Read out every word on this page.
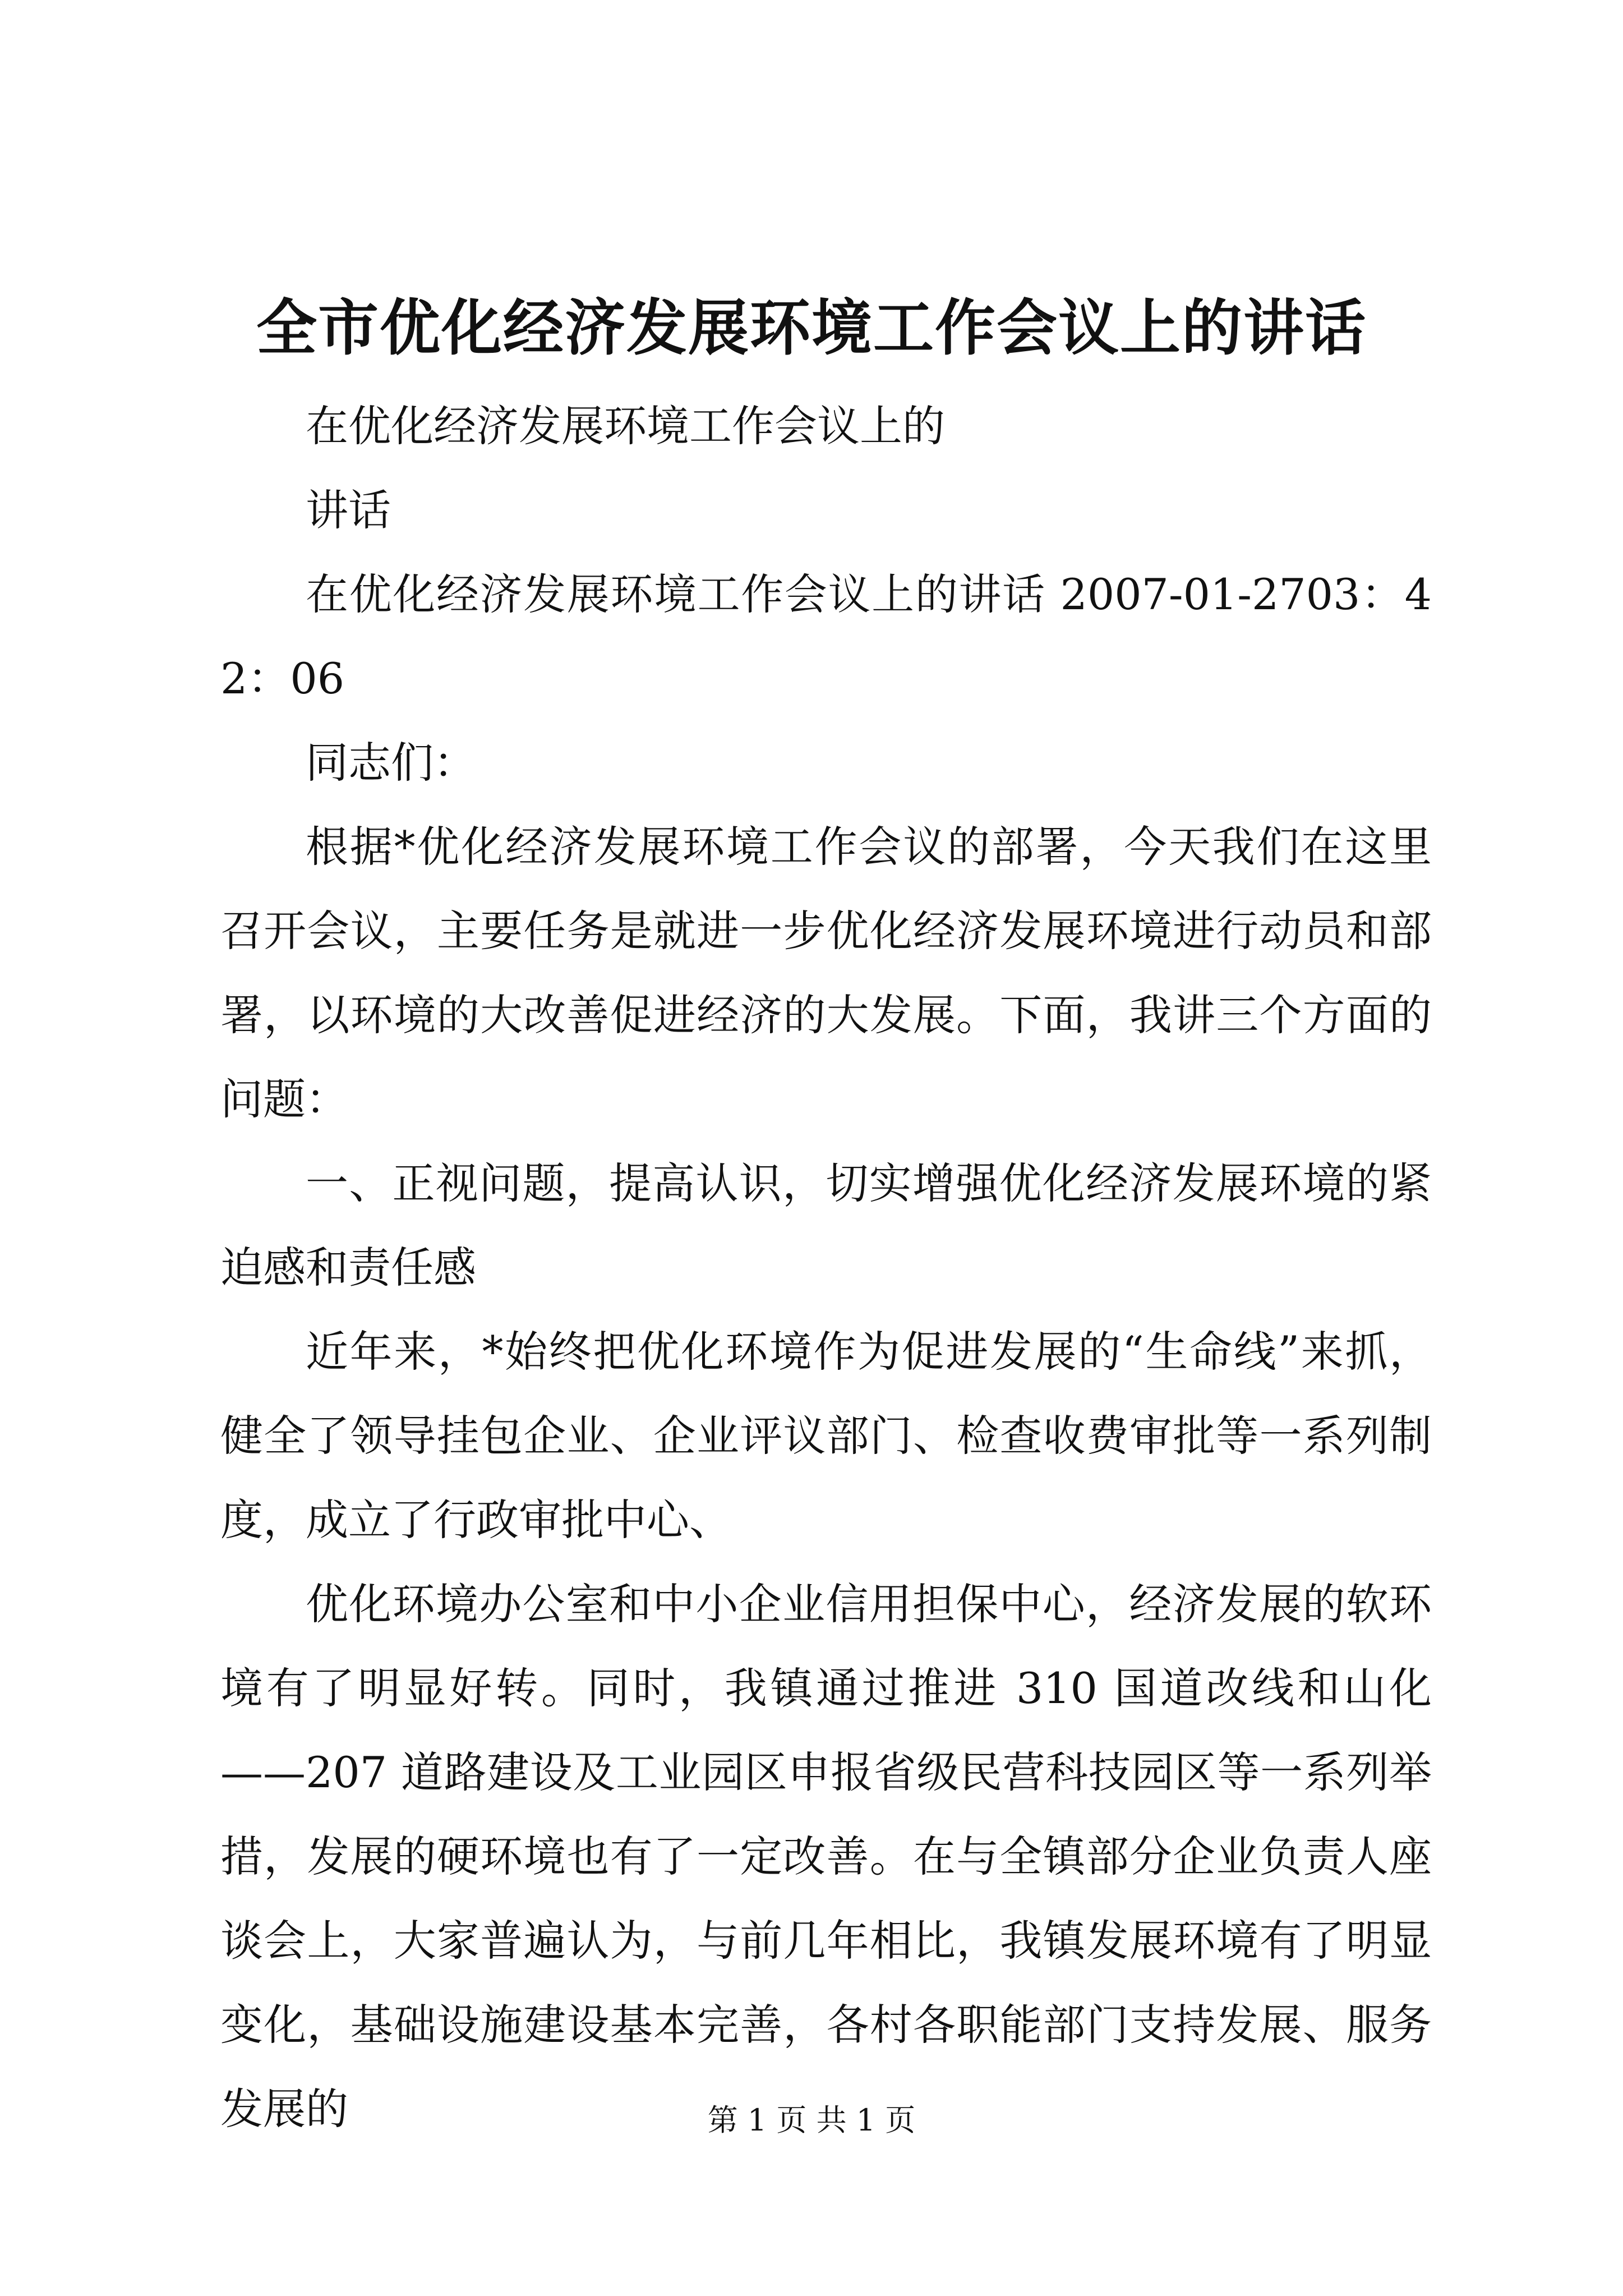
全市优化经济发展环境工作会议上的讲话

在优化经济发展环境工作会议上的

讲话

在优化经济发展环境工作会议上的讲话 2007-01-2703：42：06

同志们：

根据*优化经济发展环境工作会议的部署，今天我们在这里召开会议，主要任务是就进一步优化经济发展环境进行动员和部署，以环境的大改善促进经济的大发展。下面，我讲三个方面的问题：

一、正视问题，提高认识，切实增强优化经济发展环境的紧迫感和责任感

近年来，*始终把优化环境作为促进发展的“生命线”来抓，健全了领导挂包企业、企业评议部门、检查收费审批等一系列制度，成立了行政审批中心、

优化环境办公室和中小企业信用担保中心，经济发展的软环境有了明显好转。同时，我镇通过推进 310 国道改线和山化——207 道路建设及工业园区申报省级民营科技园区等一系列举措，发展的硬环境也有了一定改善。在与全镇部分企业负责人座谈会上，大家普遍认为，与前几年相比，我镇发展环境有了明显变化，基础设施建设基本完善，各村各职能部门支持发展、服务发展的	第 1 页 共 1 页
